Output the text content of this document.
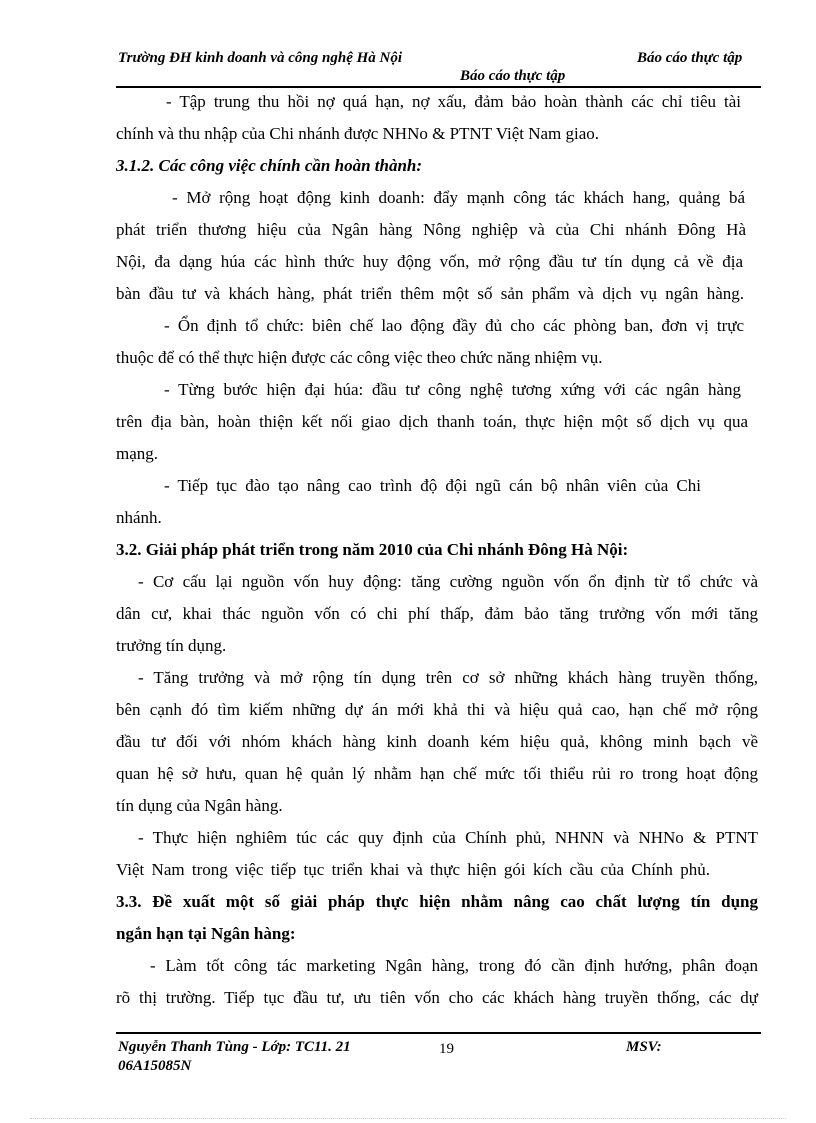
Trường ĐH kinh doanh và công nghệ Hà Nội	Báo cáo thực tập
Báo cáo thực tập
- Tập trung thu hồi nợ quá hạn, nợ xấu, đảm bảo hoàn thành các chỉ tiêu tài
chính và thu nhập của Chi nhánh được NHNo & PTNT Việt Nam giao.
3.1.2. Các công việc chính cần hoàn thành:
- Mở rộng hoạt động kinh doanh: đẩy mạnh công tác khách hang, quảng bá
phát triển thương hiệu của Ngân hàng Nông nghiệp và của Chi nhánh Đông Hà
Nội, đa dạng húa các hình thức huy động vốn, mở rộng đầu tư tín dụng cả về địa
bàn đầu tư và khách hàng, phát triển thêm một số sản phẩm và dịch vụ ngân hàng.
- Ổn định tổ chức: biên chế lao động đầy đủ cho các phòng ban, đơn vị trực
thuộc để có thể thực hiện được các công việc theo chức năng nhiệm vụ.
- Từng bước hiện đại húa: đầu tư công nghệ tương xứng với các ngân hàng
trên địa bàn, hoàn thiện kết nối giao dịch thanh toán, thực hiện một số dịch vụ qua
mạng.
- Tiếp tục đào tạo nâng cao trình độ đội ngũ cán bộ nhân viên của Chi
nhánh.
3.2. Giải pháp phát triển trong năm 2010 của Chi nhánh Đông Hà Nội:
- Cơ cấu lại nguồn vốn huy động: tăng cường nguồn vốn ổn định từ tổ chức và
dân cư, khai thác nguồn vốn có chi phí thấp, đảm bảo tăng trưởng vốn mới tăng
trưởng tín dụng.
- Tăng trưởng và mở rộng tín dụng trên cơ sở những khách hàng truyền thống,
bên cạnh đó tìm kiếm những dự án mới khả thi và hiệu quả cao, hạn chế mở rộng
đầu tư đối với nhóm khách hàng kinh doanh kém hiệu quả, không minh bạch về
quan hệ sở hưu, quan hệ quản lý nhằm hạn chế mức tối thiểu rủi ro trong hoạt động
tín dụng của Ngân hàng.
- Thực hiện nghiêm túc các quy định của Chính phủ, NHNN và NHNo & PTNT
Việt Nam trong việc tiếp tục triển khai và thực hiện gói kích cầu của Chính phủ.
3.3. Đề xuất một số giải pháp thực hiện nhằm nâng cao chất lượng tín dụng
ngắn hạn tại Ngân hàng:
- Làm tốt công tác marketing Ngân hàng, trong đó cần định hướng, phân đoạn
rõ thị trường. Tiếp tục đầu tư, ưu tiên vốn cho các khách hàng truyền thống, các dự
Nguyễn Thanh Tùng - Lớp: TC11. 21	19	MSV:
06A15085N
